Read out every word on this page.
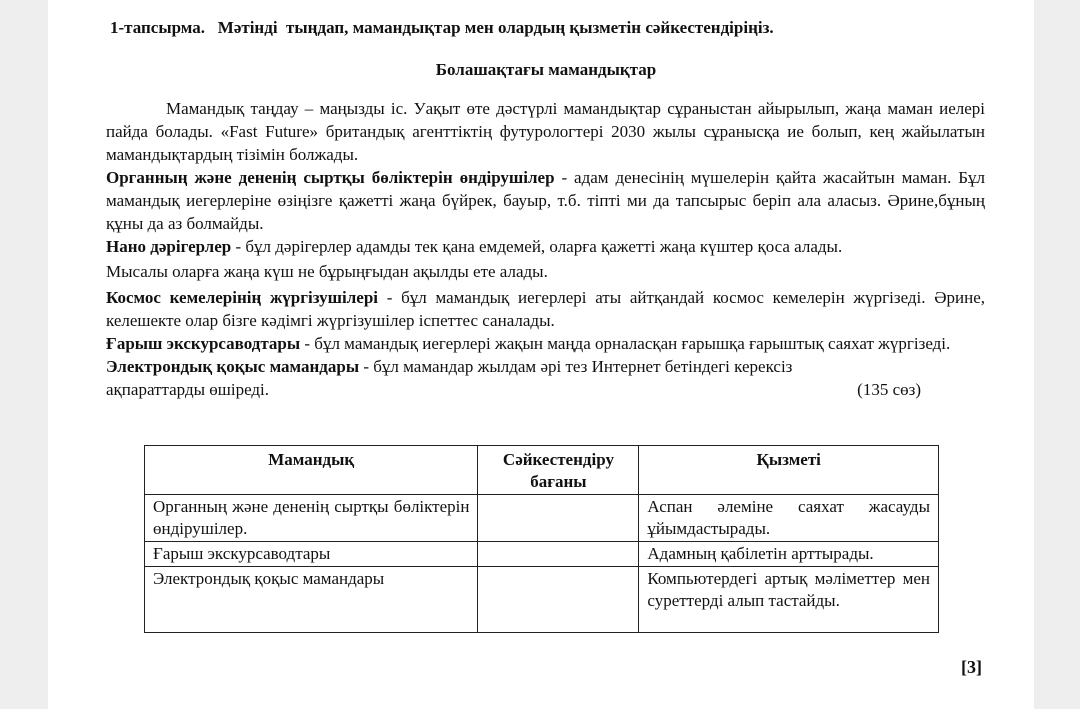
1-тапсырма.   Мәтінді  тыңдап, мамандықтар мен олардың қызметін сәйкестендіріңіз.
Болашақтағы мамандықтар

Мамандық таңдау – маңызды іс. Уақыт өте дәстүрлі мамандықтар сұраныстан айырылып, жаңа маман иелері пайда болады. «Fast Future» британдық агенттіктің футурологтері 2030 жылы сұранысқа ие болып, кең жайылатын мамандықтардың тізімін болжады.

Органның және дененің сыртқы бөліктерін өндірушілер - адам денесінің мүшелерін қайта жасайтын маман. Бұл мамандық иегерлеріне өзіңізге қажетті жаңа бүйрек, бауыр, т.б. тіпті ми да тапсырыс беріп ала аласыз. Әрине,бұның құны да аз болмайды.

Нано дәрігерлер - бұл дәрігерлер адамды тек қана емдемей, оларға қажетті жаңа күштер қоса алады.

Мысалы оларға жаңа күш не бұрыңғыдан ақылды ете алады.

Космос кемелерінің жүргізушілері - бұл мамандық иегерлері аты айтқандай космос кемелерін жүргізеді. Әрине, келешекте олар бізге кәдімгі жүргізушілер іспеттес саналады.

Ғарыш экскурсаводтары - бұл мамандық иегерлері жақын маңда орналасқан ғарышқа ғарыштық саяхат жүргізеді.

Электрондық қоқыс мамандары - бұл мамандар жылдам әрі тез Интернет бетіндегі керексіз

ақпараттарды өшіреді.	(135 сөз)
Мамандық	Сәйкестендіру бағаны	Қызметі
Органның және дененің сыртқы бөліктерін өндірушілер.		Аспан әлеміне саяхат жасауды ұйымдастырады.
Ғарыш экскурсаводтары		Адамның қабілетін арттырады.
Электрондық қоқыс мамандары		Компьютердегі артық мәліметтер мен суреттерді алып тастайды.
[3]
